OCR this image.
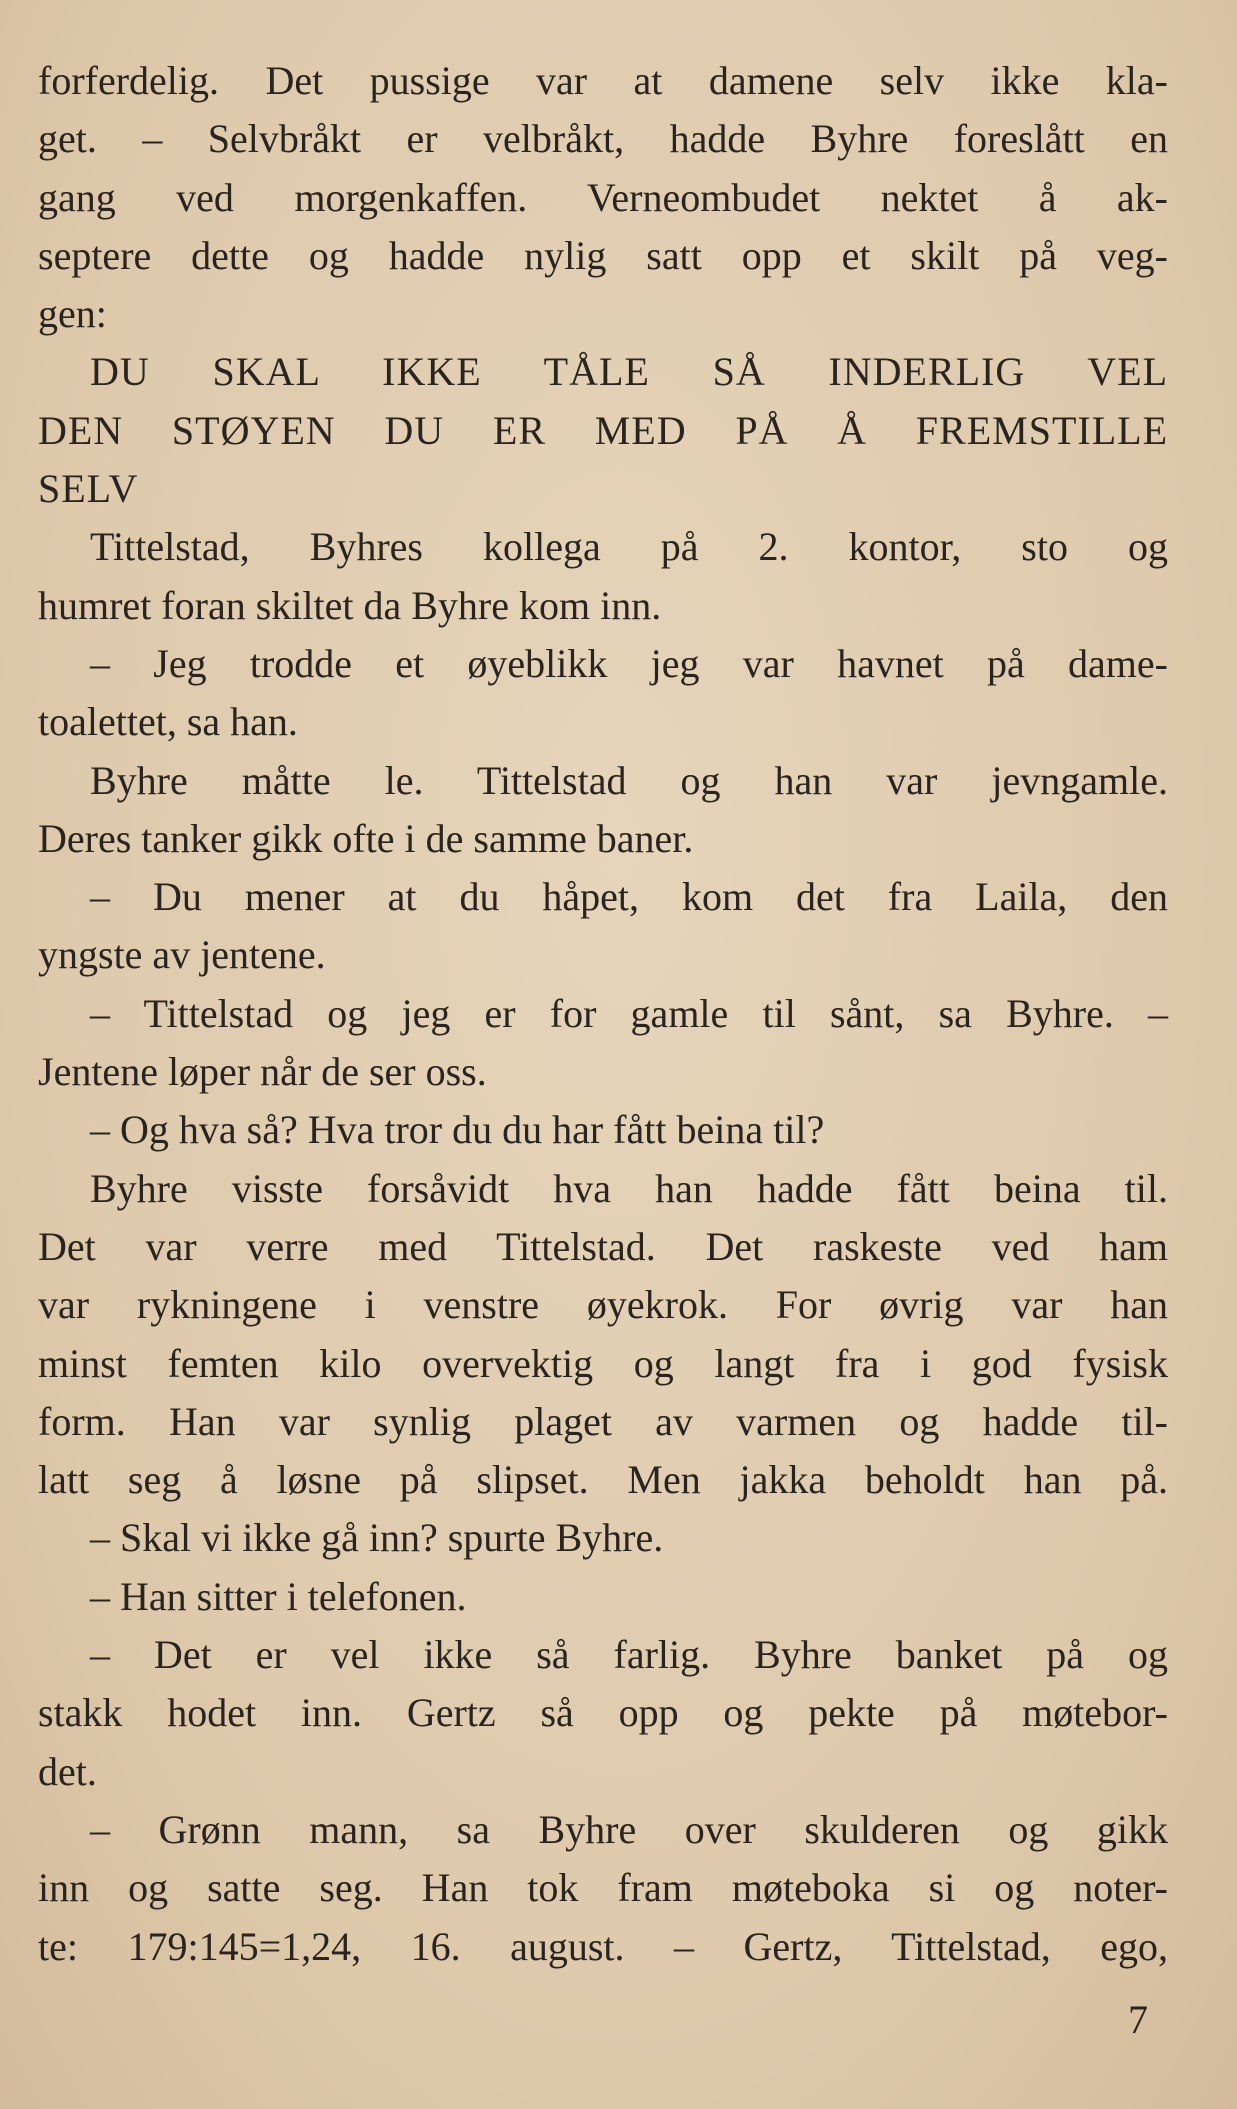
forferdelig. Det pussige var at damene selv ikke kla-
get. – Selvbråkt er velbråkt, hadde Byhre foreslått en
gang ved morgenkaffen. Verneombudet nektet å ak-
septere dette og hadde nylig satt opp et skilt på veg-
gen:
DU SKAL IKKE TÅLE SÅ INDERLIG VEL
DEN STØYEN DU ER MED PÅ Å FREMSTILLE
SELV
Tittelstad, Byhres kollega på 2. kontor, sto og
humret foran skiltet da Byhre kom inn.
– Jeg trodde et øyeblikk jeg var havnet på dame-
toalettet, sa han.
Byhre måtte le. Tittelstad og han var jevngamle.
Deres tanker gikk ofte i de samme baner.
– Du mener at du håpet, kom det fra Laila, den
yngste av jentene.
– Tittelstad og jeg er for gamle til sånt, sa Byhre. –
Jentene løper når de ser oss.
– Og hva så? Hva tror du du har fått beina til?
Byhre visste forsåvidt hva han hadde fått beina til.
Det var verre med Tittelstad. Det raskeste ved ham
var rykningene i venstre øyekrok. For øvrig var han
minst femten kilo overvektig og langt fra i god fysisk
form. Han var synlig plaget av varmen og hadde til-
latt seg å løsne på slipset. Men jakka beholdt han på.
– Skal vi ikke gå inn? spurte Byhre.
– Han sitter i telefonen.
– Det er vel ikke så farlig. Byhre banket på og
stakk hodet inn. Gertz så opp og pekte på møtebor-
det.
– Grønn mann, sa Byhre over skulderen og gikk
inn og satte seg. Han tok fram møteboka si og noter-
te: 179:145=1,24, 16. august. – Gertz, Tittelstad, ego,
7
